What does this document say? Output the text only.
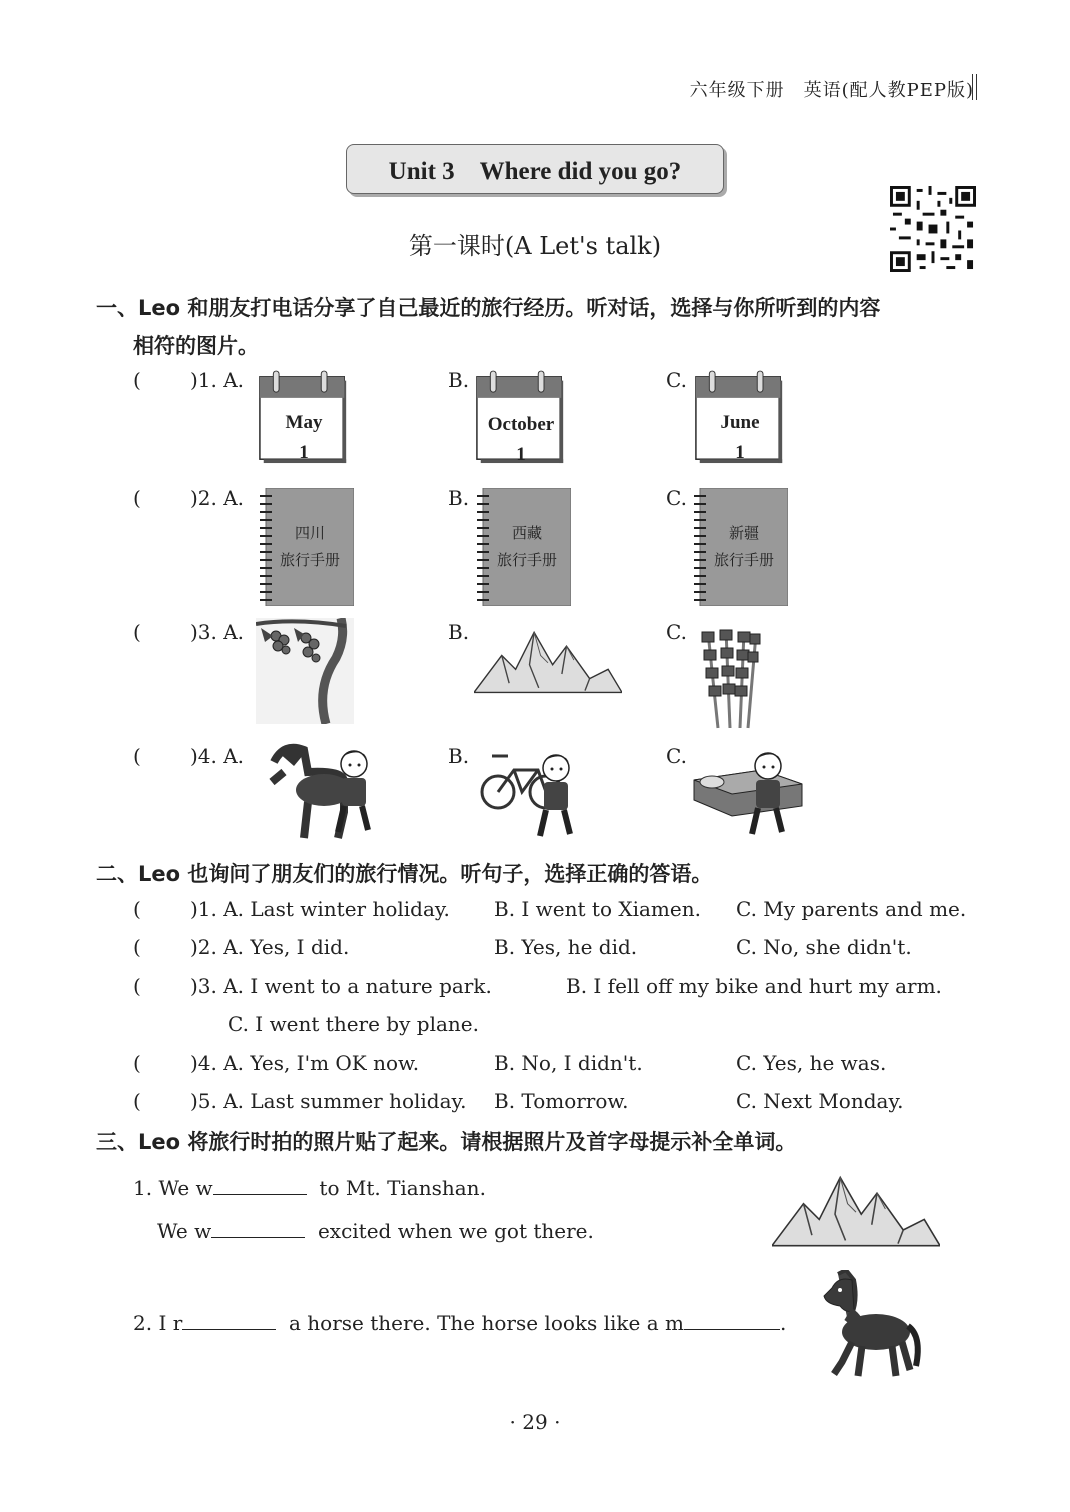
六年级下册　英语(配人教PEP版)
Unit 3　Where did you go?
第一课时(A Let's talk)
一、Leo 和朋友打电话分享了自己最近的旅行经历。听对话，选择与你所听到的内容
相符的图片。
( )1. A.	B.	C.
May
1
October
1
June
1
( )2. A.	B.	C.
四川
旅行手册
西藏
旅行手册
新疆
旅行手册
( )3. A.	B.	C.
( )4. A.	B.	C.
二、Leo 也询问了朋友们的旅行情况。听句子，选择正确的答语。
( )1. A. Last winter holiday. B. I went to Xiamen. C. My parents and me.
( )2. A. Yes, I did.	B. Yes, he did.	C. No, she didn't.
( )3. A. I went to a nature park.	B. I fell off my bike and hurt my arm.
C. I went there by plane.
( )4. A. Yes, I'm OK now.	B. No, I didn't.	C. Yes, he was.
( )5. A. Last summer holiday. B. Tomorrow.	C. Next Monday.
三、Leo 将旅行时拍的照片贴了起来。请根据照片及首字母提示补全单词。
1. We w	to Mt. Tianshan.
We w	excited when we got there.
2. I r	a horse there. The horse looks like a m	.
· 29 ·
